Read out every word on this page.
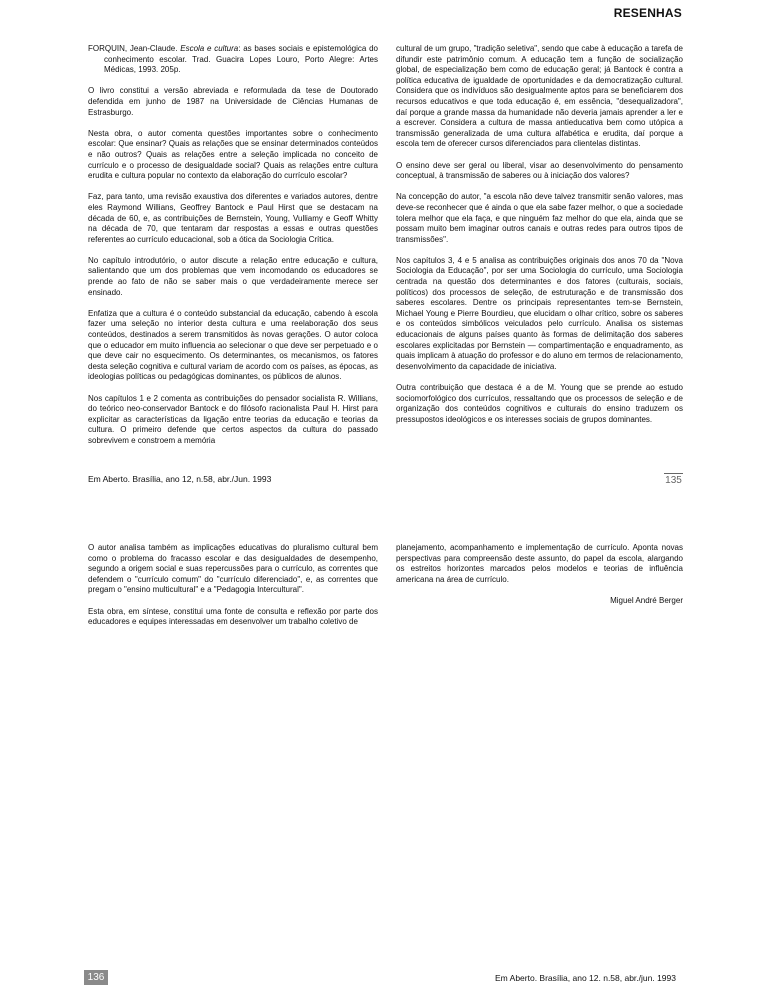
RESENHAS

FORQUIN, Jean-Claude. Escola e cultura: as bases sociais e epistemológica do conhecimento escolar. Trad. Guacira Lopes Louro, Porto Alegre: Artes Médicas, 1993. 205p.

O livro constitui a versão abreviada e reformulada da tese de Doutorado defendida em junho de 1987 na Universidade de Ciências Humanas de Estrasburgo.

Nesta obra, o autor comenta questões importantes sobre o conhecimento escolar: Que ensinar? Quais as relações que se ensinar determinados conteúdos e não outros? Quais as relações entre a seleção implicada no conceito de currículo e o processo de desigualdade social? Quais as relações entre cultura erudita e cultura popular no contexto da elaboração do currículo escolar?

Faz, para tanto, uma revisão exaustiva dos diferentes e variados autores, dentre eles Raymond Willians, Geoffrey Bantock e Paul Hirst que se destacam na década de 60, e, as contribuições de Bernstein, Young, Vulliamy e Geoff Whitty na década de 70, que tentaram dar respostas a essas e outras questões referentes ao currículo educacional, sob a ótica da Sociologia Crítica.

No capítulo introdutório, o autor discute a relação entre educação e cultura, salientando que um dos problemas que vem incomodando os educadores se prende ao fato de não se saber mais o que verdadeiramente merece ser ensinado.

Enfatiza que a cultura é o conteúdo substancial da educação, cabendo à escola fazer uma seleção no interior desta cultura e uma reelaboração dos seus conteúdos, destinados a serem transmitidos às novas gerações. O autor coloca que o educador em muito influencia ao selecionar o que deve ser perpetuado e o que deve cair no esquecimento. Os determinantes, os mecanismos, os fatores desta seleção cognitiva e cultural variam de acordo com os países, as épocas, as ideologias políticas ou pedagógicas dominantes, os públicos de alunos.

Nos capítulos 1 e 2 comenta as contribuições do pensador socialista R. Willians, do teórico neo-conservador Bantock e do filósofo racionalista Paul H. Hirst para explicitar as características da ligação entre teorias da educação e teorias da cultura. O primeiro defende que certos aspectos da cultura do passado sobrevivem e constroem a memória

cultural de um grupo, "tradição seletiva", sendo que cabe à educação a tarefa de difundir este patrimônio comum. A educação tem a função de socialização global, de especialização bem como de educação geral; já Bantock é contra a política educativa de igualdade de oportunidades e da democratização cultural. Considera que os indivíduos são desigualmente aptos para se beneficiarem dos recursos educativos e que toda educação é, em essência, "desequalizadora", daí porque a grande massa da humanidade não deveria jamais aprender a ler e a escrever. Considera a cultura de massa antieducativa bem como utópica a transmissão generalizada de uma cultura alfabética e erudita, daí porque a escola tem de oferecer cursos diferenciados para clientelas distintas.

O ensino deve ser geral ou liberal, visar ao desenvolvimento do pensamento conceptual, à transmissão de saberes ou à iniciação dos valores?

Na concepção do autor, "a escola não deve talvez transmitir senão valores, mas deve-se reconhecer que é ainda o que ela sabe fazer melhor, o que a sociedade tolera melhor que ela faça, e que ninguém faz melhor do que ela, ainda que se possam muito bem imaginar outros canais e outras redes para outros tipos de transmissões".

Nos capítulos 3, 4 e 5 analisa as contribuições originais dos anos 70 da "Nova Sociologia da Educação", por ser uma Sociologia do currículo, uma Sociologia centrada na questão dos determinantes e dos fatores (culturais, sociais, políticos) dos processos de seleção, de estruturação e de transmissão dos saberes escolares. Dentre os principais representantes tem-se Bernstein, Michael Young e Pierre Bourdieu, que elucidam o olhar crítico, sobre os saberes e os conteúdos simbólicos veiculados pelo currículo. Analisa os sistemas educacionais de alguns países quanto às formas de delimitação dos saberes escolares explicitadas por Bernstein — compartimentação e enquadramento, as quais implicam à atuação do professor e do aluno em termos de relacionamento, desenvolvimento da capacidade de iniciativa.

Outra contribuição que destaca é a de M. Young que se prende ao estudo sociomorfológico dos currículos, ressaltando que os processos de seleção e de organização dos conteúdos cognitivos e culturais do ensino traduzem os pressupostos ideológicos e os interesses sociais de grupos dominantes.

Em Aberto. Brasília, ano 12, n.58, abr./Jun. 1993	135

O autor analisa também as implicações educativas do pluralismo cultural bem como o problema do fracasso escolar e das desigualdades de desempenho, segundo a origem social e suas repercussões para o currículo, as correntes que defendem o "currículo comum" do "currículo diferenciado", e, as correntes que pregam o "ensino multicultural" e a "Pedagogia Intercultural".

Esta obra, em síntese, constitui uma fonte de consulta e reflexão por parte dos educadores e equipes interessadas em desenvolver um trabalho coletivo de

planejamento, acompanhamento e implementação de currículo. Aponta novas perspectivas para compreensão deste assunto, do papel da escola, alargando os estreitos horizontes marcados pelos modelos e teorias de influência americana na área de currículo.

Miguel André Berger

136	Em Aberto. Brasília, ano 12. n.58, abr./jun. 1993
